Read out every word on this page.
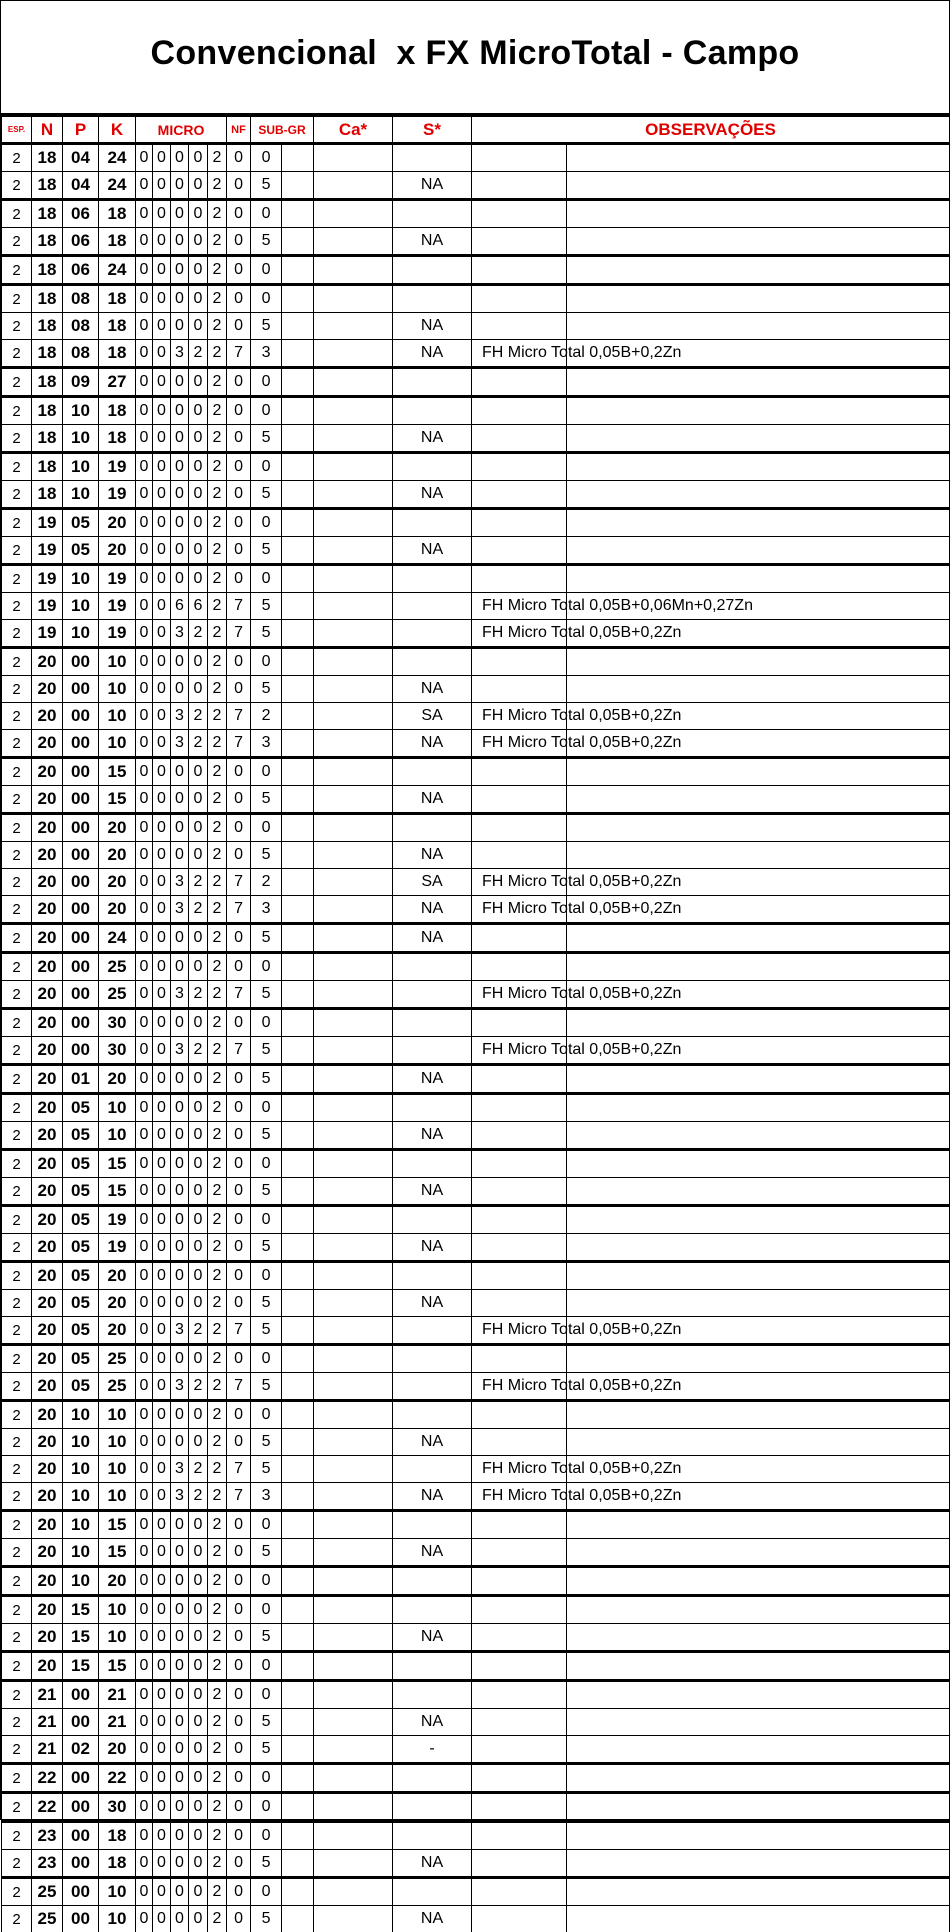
Convencional  x FX MicroTotal - Campo
ESP.	N	P	K	MICRO					NF	SUB-GR		Ca*	S*	OBSERVAÇÕES	
2	18	04	24	0	0	0	0	2	0	0					
2	18	04	24	0	0	0	0	2	0	5			NA		
2	18	06	18	0	0	0	0	2	0	0					
2	18	06	18	0	0	0	0	2	0	5			NA		
2	18	06	24	0	0	0	0	2	0	0					
2	18	08	18	0	0	0	0	2	0	0					
2	18	08	18	0	0	0	0	2	0	5			NA		
2	18	08	18	0	0	3	2	2	7	3			NA	FH Micro Total 0,05B+0,2Zn	
2	18	09	27	0	0	0	0	2	0	0					
2	18	10	18	0	0	0	0	2	0	0					
2	18	10	18	0	0	0	0	2	0	5			NA		
2	18	10	19	0	0	0	0	2	0	0					
2	18	10	19	0	0	0	0	2	0	5			NA		
2	19	05	20	0	0	0	0	2	0	0					
2	19	05	20	0	0	0	0	2	0	5			NA		
2	19	10	19	0	0	0	0	2	0	0					
2	19	10	19	0	0	6	6	2	7	5				FH Micro Total 0,05B+0,06Mn+0,27Zn	
2	19	10	19	0	0	3	2	2	7	5				FH Micro Total 0,05B+0,2Zn	
2	20	00	10	0	0	0	0	2	0	0					
2	20	00	10	0	0	0	0	2	0	5			NA		
2	20	00	10	0	0	3	2	2	7	2			SA	FH Micro Total 0,05B+0,2Zn	
2	20	00	10	0	0	3	2	2	7	3			NA	FH Micro Total 0,05B+0,2Zn	
2	20	00	15	0	0	0	0	2	0	0					
2	20	00	15	0	0	0	0	2	0	5			NA		
2	20	00	20	0	0	0	0	2	0	0					
2	20	00	20	0	0	0	0	2	0	5			NA		
2	20	00	20	0	0	3	2	2	7	2			SA	FH Micro Total 0,05B+0,2Zn	
2	20	00	20	0	0	3	2	2	7	3			NA	FH Micro Total 0,05B+0,2Zn	
2	20	00	24	0	0	0	0	2	0	5			NA		
2	20	00	25	0	0	0	0	2	0	0					
2	20	00	25	0	0	3	2	2	7	5				FH Micro Total 0,05B+0,2Zn	
2	20	00	30	0	0	0	0	2	0	0					
2	20	00	30	0	0	3	2	2	7	5				FH Micro Total 0,05B+0,2Zn	
2	20	01	20	0	0	0	0	2	0	5			NA		
2	20	05	10	0	0	0	0	2	0	0					
2	20	05	10	0	0	0	0	2	0	5			NA		
2	20	05	15	0	0	0	0	2	0	0					
2	20	05	15	0	0	0	0	2	0	5			NA		
2	20	05	19	0	0	0	0	2	0	0					
2	20	05	19	0	0	0	0	2	0	5			NA		
2	20	05	20	0	0	0	0	2	0	0					
2	20	05	20	0	0	0	0	2	0	5			NA		
2	20	05	20	0	0	3	2	2	7	5				FH Micro Total 0,05B+0,2Zn	
2	20	05	25	0	0	0	0	2	0	0					
2	20	05	25	0	0	3	2	2	7	5				FH Micro Total 0,05B+0,2Zn	
2	20	10	10	0	0	0	0	2	0	0					
2	20	10	10	0	0	0	0	2	0	5			NA		
2	20	10	10	0	0	3	2	2	7	5				FH Micro Total 0,05B+0,2Zn	
2	20	10	10	0	0	3	2	2	7	3			NA	FH Micro Total 0,05B+0,2Zn	
2	20	10	15	0	0	0	0	2	0	0					
2	20	10	15	0	0	0	0	2	0	5			NA		
2	20	10	20	0	0	0	0	2	0	0					
2	20	15	10	0	0	0	0	2	0	0					
2	20	15	10	0	0	0	0	2	0	5			NA		
2	20	15	15	0	0	0	0	2	0	0					
2	21	00	21	0	0	0	0	2	0	0					
2	21	00	21	0	0	0	0	2	0	5			NA		
2	21	02	20	0	0	0	0	2	0	5			-		
2	22	00	22	0	0	0	0	2	0	0					
2	22	00	30	0	0	0	0	2	0	0					
2	23	00	18	0	0	0	0	2	0	0					
2	23	00	18	0	0	0	0	2	0	5			NA		
2	25	00	10	0	0	0	0	2	0	0					
2	25	00	10	0	0	0	0	2	0	5			NA		
